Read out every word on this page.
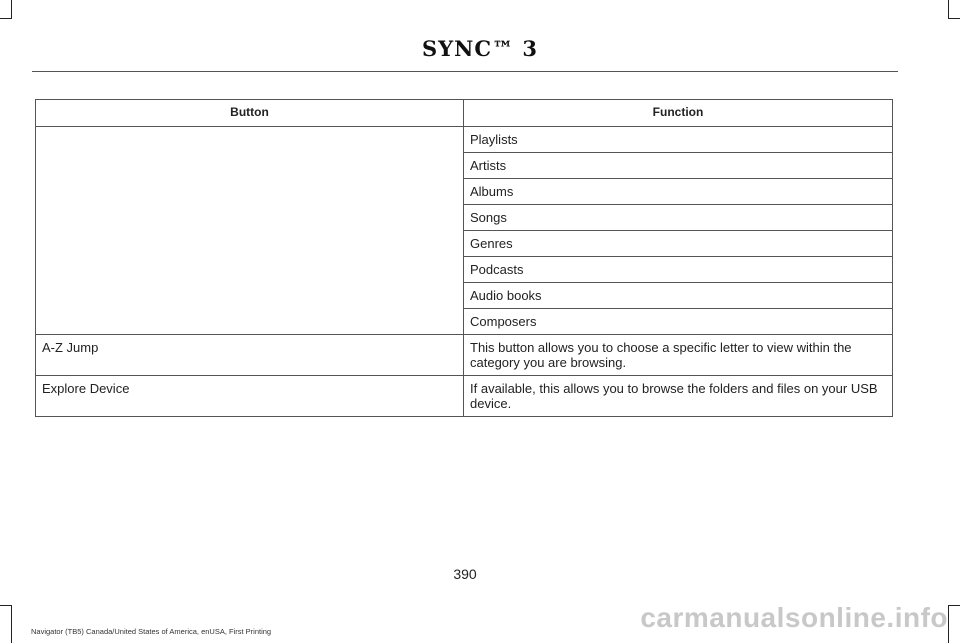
SYNC™ 3
Button	Function
	Playlists
	Artists
	Albums
	Songs
	Genres
	Podcasts
	Audio books
	Composers
A-Z Jump	This button allows you to choose a specific letter to view within the category you are browsing.
Explore Device	If available, this allows you to browse the folders and files on your USB device.
390
Navigator (TB5) Canada/United States of America, enUSA, First Printing	carmanualsonline.info
